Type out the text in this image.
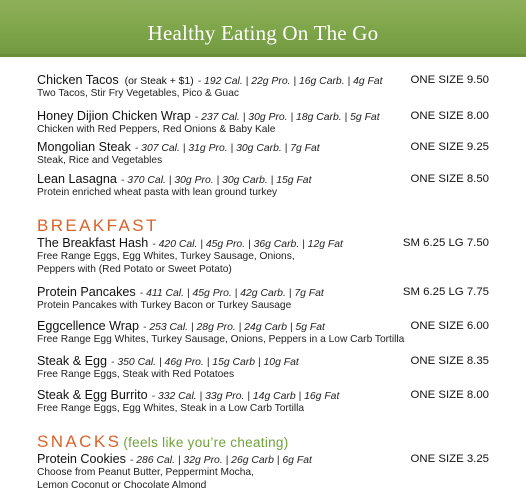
Healthy Eating On The Go
Chicken Tacos (or Steak + $1) - 192 Cal. | 22g Pro. | 16g Carb. | 4g Fat ONE SIZE 9.50
Two Tacos, Stir Fry Vegetables, Pico & Guac
Honey Dijion Chicken Wrap - 237 Cal. | 30g Pro. | 18g Carb. | 5g Fat	ONE SIZE 8.00
Chicken with Red Peppers, Red Onions & Baby Kale
Mongolian Steak - 307 Cal. | 31g Pro. | 30g Carb. | 7g Fat	ONE SIZE 9.25
Steak, Rice and Vegetables
Lean Lasagna - 370 Cal. | 30g Pro. | 30g Carb. | 15g Fat	ONE SIZE 8.50
Protein enriched wheat pasta with lean ground turkey
BREAKFAST
The Breakfast Hash - 420 Cal. | 45g Pro. | 36g Carb. | 12g Fat	SM 6.25 LG 7.50
Free Range Eggs, Egg Whites, Turkey Sausage, Onions,
Peppers with (Red Potato or Sweet Potato)
Protein Pancakes - 411 Cal. | 45g Pro. | 42g Carb. | 7g Fat	SM 6.25 LG 7.75
Protein Pancakes with Turkey Bacon or Turkey Sausage
Eggcellence Wrap - 253 Cal. | 28g Pro. | 24g Carb | 5g Fat	ONE SIZE 6.00
Free Range Egg Whites, Turkey Sausage, Onions, Peppers in a Low Carb Tortilla
Steak & Egg - 350 Cal. | 46g Pro. | 15g Carb | 10g Fat	ONE SIZE 8.35
Free Range Eggs, Steak with Red Potatoes
Steak & Egg Burrito - 332 Cal. | 33g Pro. | 14g Carb | 16g Fat	ONE SIZE 8.00
Free Range Eggs, Egg Whites, Steak in a Low Carb Tortilla
SNACKS (feels like you’re cheating)
Protein Cookies - 286 Cal. | 32g Pro. | 26g Carb | 6g Fat	ONE SIZE 3.25
Choose from Peanut Butter, Peppermint Mocha,
Lemon Coconut or Chocolate Almond
